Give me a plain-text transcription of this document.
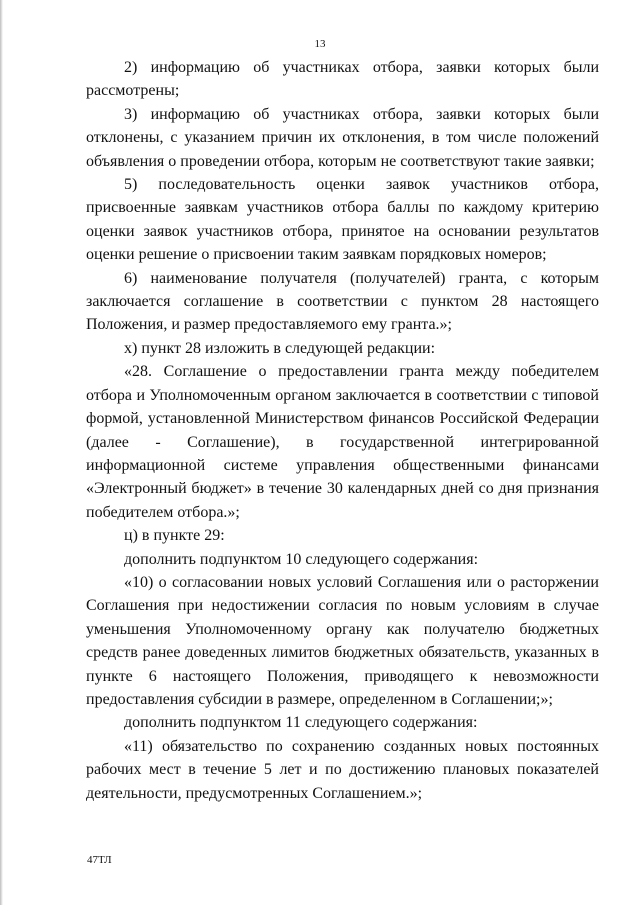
13

2) информацию об участниках отбора, заявки которых были рассмотрены;

3) информацию об участниках отбора, заявки которых были отклонены, с указанием причин их отклонения, в том числе положений объявления о проведении отбора, которым не соответствуют такие заявки;

5) последовательность оценки заявок участников отбора, присвоенные заявкам участников отбора баллы по каждому критерию оценки заявок участников отбора, принятое на основании результатов оценки решение о присвоении таким заявкам порядковых номеров;

6) наименование получателя (получателей) гранта, с которым заключается соглашение в соответствии с пунктом 28 настоящего Положения, и размер предоставляемого ему гранта.»;

х) пункт 28 изложить в следующей редакции:

«28. Соглашение о предоставлении гранта между победителем отбора и Уполномоченным органом заключается в соответствии с типовой формой, установленной Министерством финансов Российской Федерации (далее - Соглашение), в государственной интегрированной информационной системе управления общественными финансами «Электронный бюджет» в течение 30 календарных дней со дня признания победителем отбора.»;

ц) в пункте 29:

дополнить подпунктом 10 следующего содержания:

«10) о согласовании новых условий Соглашения или о расторжении Соглашения при недостижении согласия по новым условиям в случае уменьшения Уполномоченному органу как получателю бюджетных средств ранее доведенных лимитов бюджетных обязательств, указанных в пункте 6 настоящего Положения, приводящего к невозможности предоставления субсидии в размере, определенном в Соглашении;»;

дополнить подпунктом 11 следующего содержания:

«11) обязательство по сохранению созданных новых постоянных рабочих мест в течение 5 лет и по достижению плановых показателей деятельности, предусмотренных Соглашением.»;

47ТЛ
